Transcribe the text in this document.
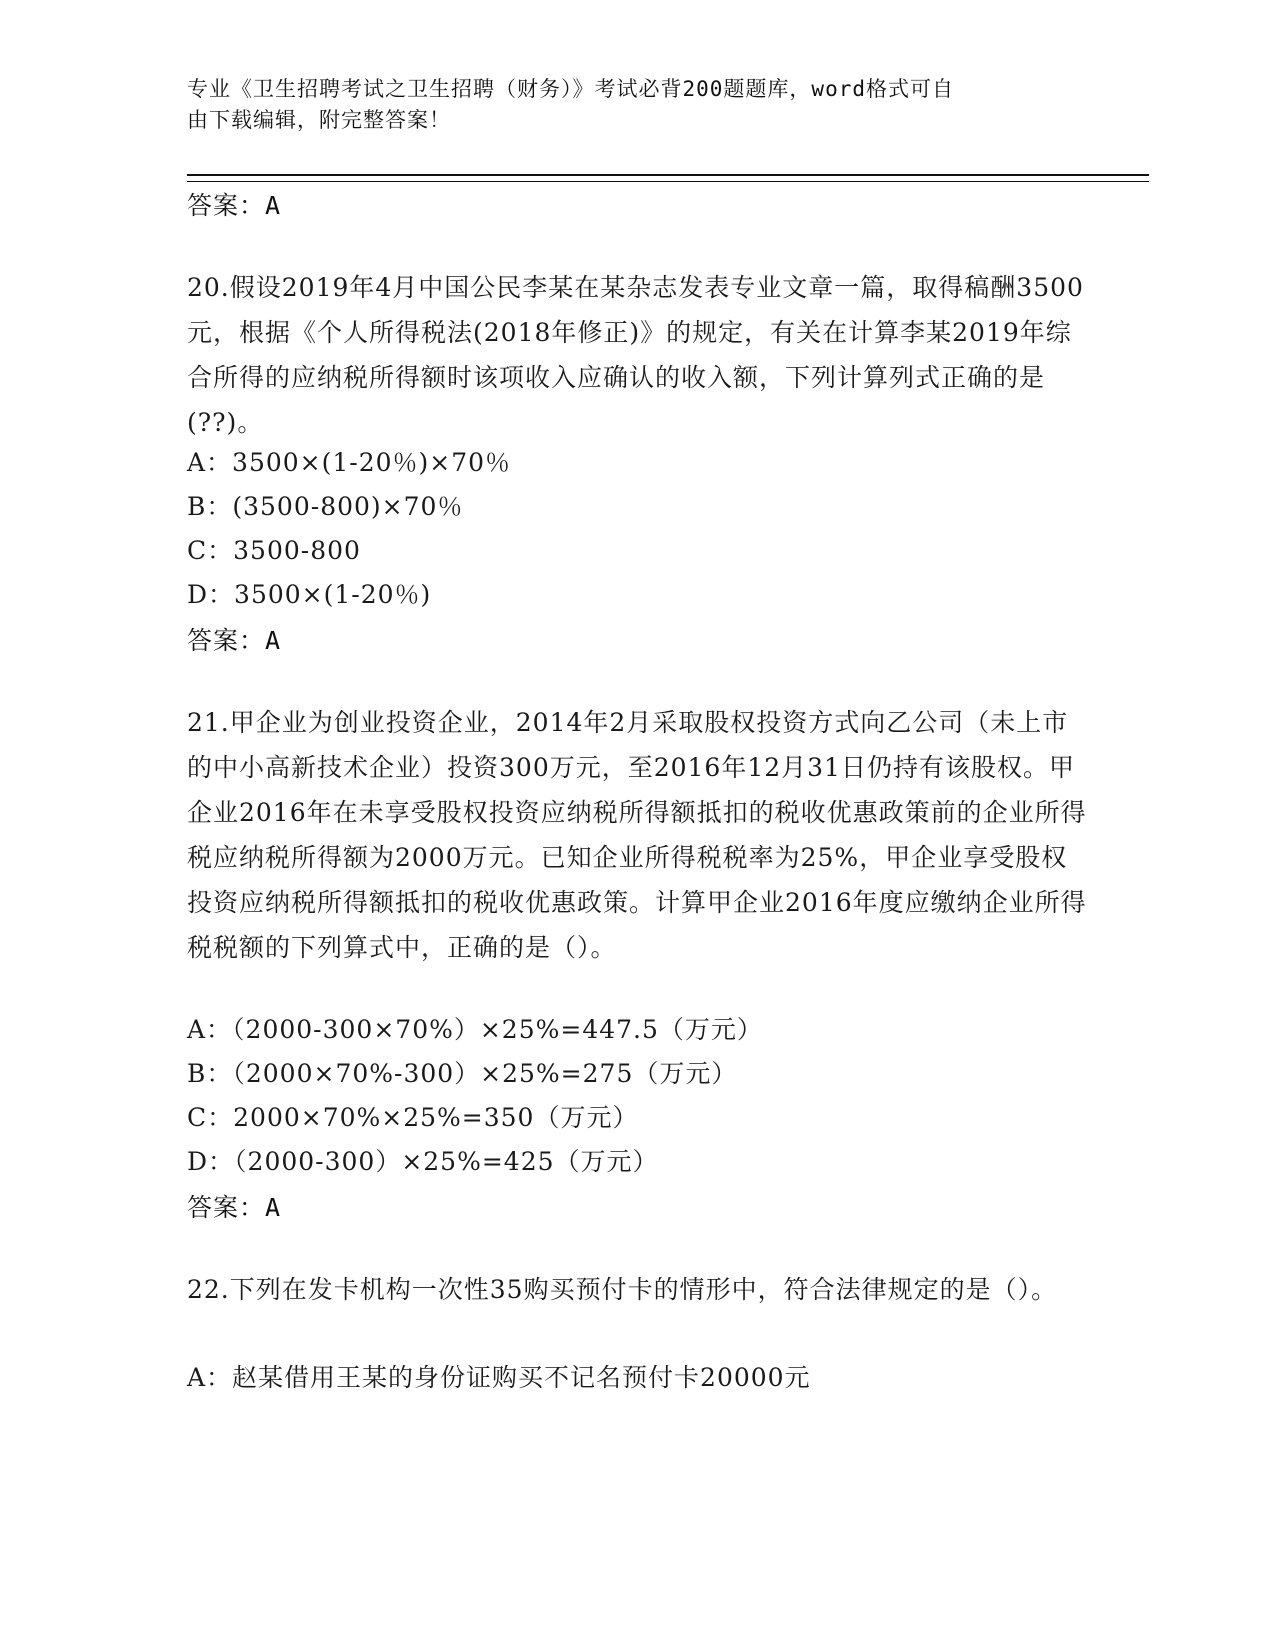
专业《卫生招聘考试之卫生招聘（财务）》考试必背200题题库，word格式可自
由下载编辑，附完整答案！
答案：A
20.假设2019年4月中国公民李某在某杂志发表专业文章一篇，取得稿酬3500元，根据《个人所得税法(2018年修正)》的规定，有关在计算李某2019年综合所得的应纳税所得额时该项收入应确认的收入额，下列计算列式正确的是(??)。
A：3500×(1-20％)×70％
B：(3500-800)×70％
C：3500-800
D：3500×(1-20％)
答案：A
21.甲企业为创业投资企业，2014年2月采取股权投资方式向乙公司（未上市的中小高新技术企业）投资300万元，至2016年12月31日仍持有该股权。甲企业2016年在未享受股权投资应纳税所得额抵扣的税收优惠政策前的企业所得税应纳税所得额为2000万元。已知企业所得税税率为25%，甲企业享受股权投资应纳税所得额抵扣的税收优惠政策。计算甲企业2016年度应缴纳企业所得税税额的下列算式中，正确的是（）。
A：（2000-300×70%）×25%=447.5（万元）
B：（2000×70%-300）×25%=275（万元）
C：2000×70%×25%=350（万元）
D：（2000-300）×25%=425（万元）
答案：A
22.下列在发卡机构一次性35购买预付卡的情形中，符合法律规定的是（）。
A：赵某借用王某的身份证购买不记名预付卡20000元
